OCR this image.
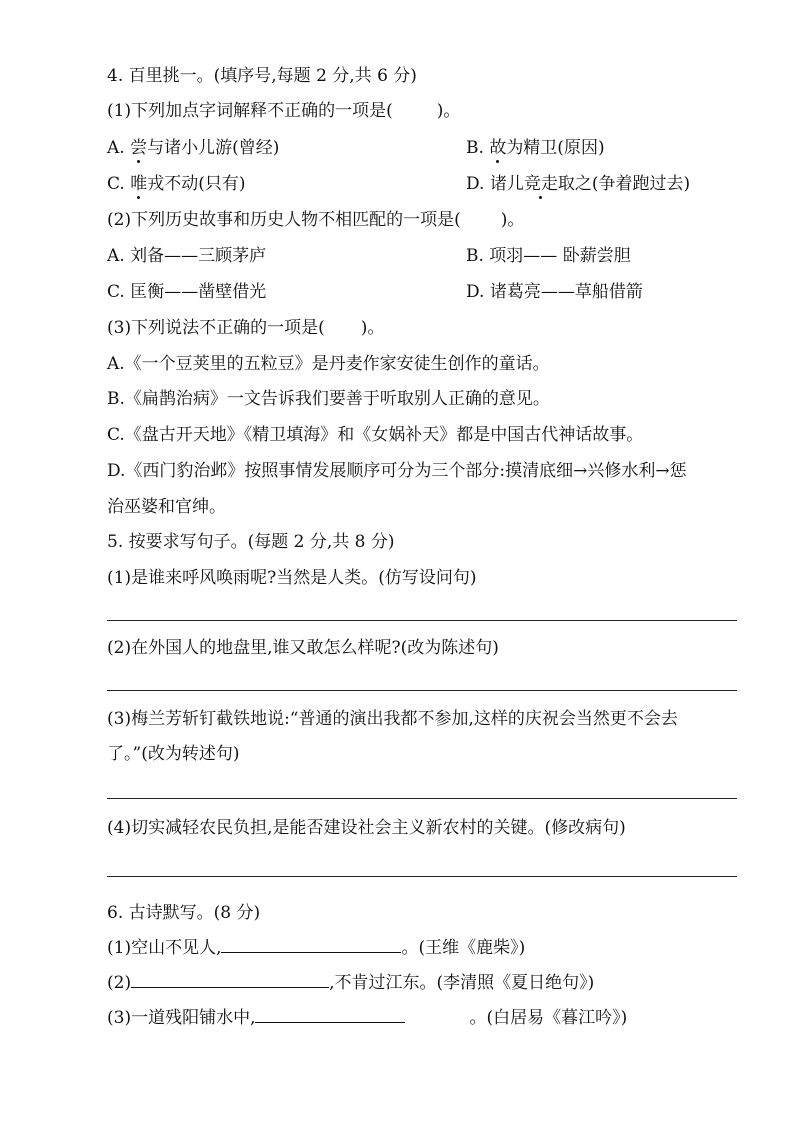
4. 百里挑一。(填序号,每题 2 分,共 6 分)
(1)下列加点字词解释不正确的一项是(	)。
A. 尝与诸小儿游(曾经)	B. 故为精卫(原因)
C. 唯戎不动(只有)	D. 诸儿竞走取之(争着跑过去)
(2)下列历史故事和历史人物不相匹配的一项是( )。
A. 刘备——三顾茅庐	B. 项羽—— 卧薪尝胆
C. 匡衡——凿壁借光	D. 诸葛亮——草船借箭
(3)下列说法不正确的一项是( )。
A.《一个豆荚里的五粒豆》是丹麦作家安徒生创作的童话。
B.《扁鹊治病》一文告诉我们要善于听取别人正确的意见。
C.《盘古开天地》《精卫填海》和《女娲补天》都是中国古代神话故事。
D.《西门豹治邺》按照事情发展顺序可分为三个部分:摸清底细→兴修水利→惩
治巫婆和官绅。
5. 按要求写句子。(每题 2 分,共 8 分)
(1)是谁来呼风唤雨呢?当然是人类。(仿写设问句)
(2)在外国人的地盘里,谁又敢怎么样呢?(改为陈述句)
(3)梅兰芳斩钉截铁地说:“普通的演出我都不参加,这样的庆祝会当然更不会去
了。”(改为转述句)
(4)切实减轻农民负担,是能否建设社会主义新农村的关键。(修改病句)
6. 古诗默写。(8 分)
(1)空山不见人,	。(王维《鹿柴》)
(2)	,不肯过江东。(李清照《夏日绝句》)
(3)一道残阳铺水中,	。(白居易《暮江吟》)
